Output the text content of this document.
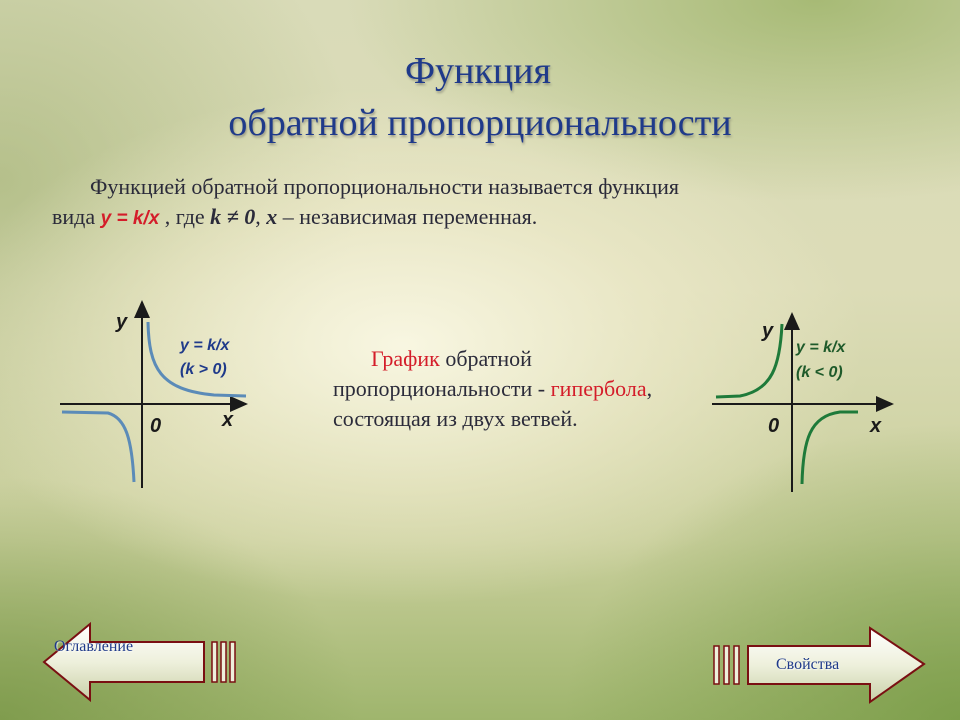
Функция
обратной пропорциональности
Функцией обратной пропорциональности называется функция
вида y = k/x , где k ≠ 0, x – независимая переменная.
График обратной пропорциональности - гипербола, состоящая из двух ветвей.
y
x
0
y = k/x
(k > 0)
y
x
0
y = k/x
(k < 0)
Оглавление
Свойства
